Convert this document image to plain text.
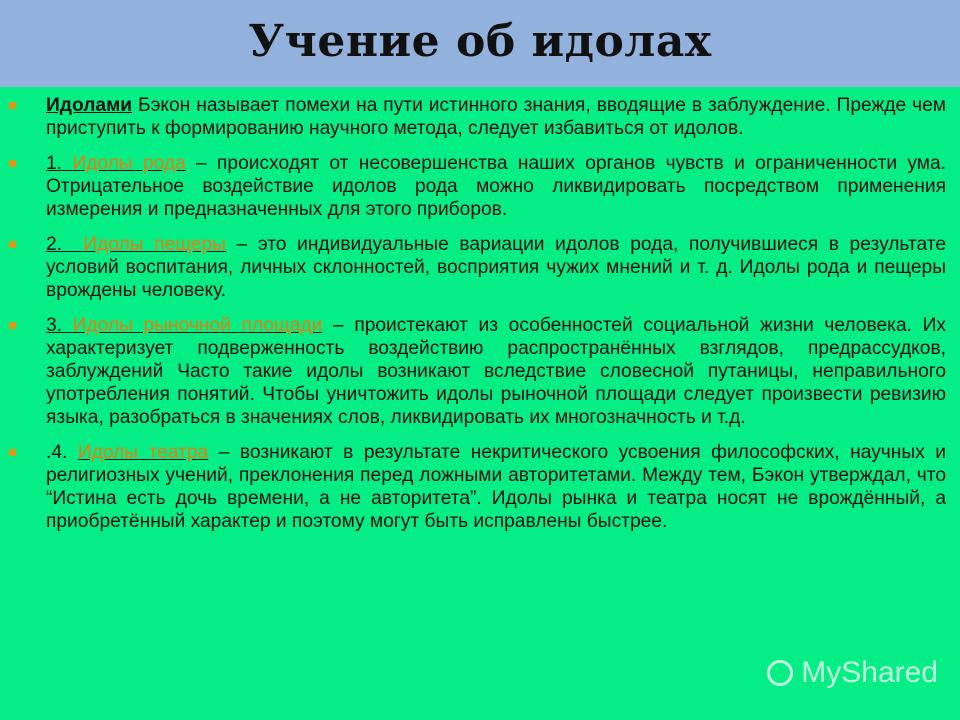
Учение об идолах
Идолами Бэкон называет помехи на пути истинного знания, вводящие в заблуждение. Прежде чем приступить к формированию научного метода, следует избавиться от идолов.
1. Идолы рода – происходят от несовершенства наших органов чувств и ограниченности ума. Отрицательное воздействие идолов рода можно ликвидировать посредством применения измерения и предназначенных для этого приборов.
2.  Идолы пещеры – это индивидуальные вариации идолов рода, получившиеся в результате условий воспитания, личных склонностей, восприятия чужих мнений и т. д. Идолы рода и пещеры врождены человеку.
3. Идолы рыночной площади – проистекают из особенностей социальной жизни человека. Их характеризует подверженность воздействию распространённых взглядов, предрассудков, заблуждений Часто такие идолы возникают вследствие словесной путаницы, неправильного употребления понятий. Чтобы уничтожить идолы рыночной площади следует произвести ревизию языка, разобраться в значениях слов, ликвидировать их многозначность и т.д.
.4. Идолы театра – возникают в результате некритического усвоения философских, научных и религиозных учений, преклонения перед ложными авторитетами. Между тем, Бэкон утверждал, что “Истина есть дочь времени, а не авторитета”. Идолы рынка и театра носят не врождённый, а приобретённый характер и поэтому могут быть исправлены быстрее.
MyShared
